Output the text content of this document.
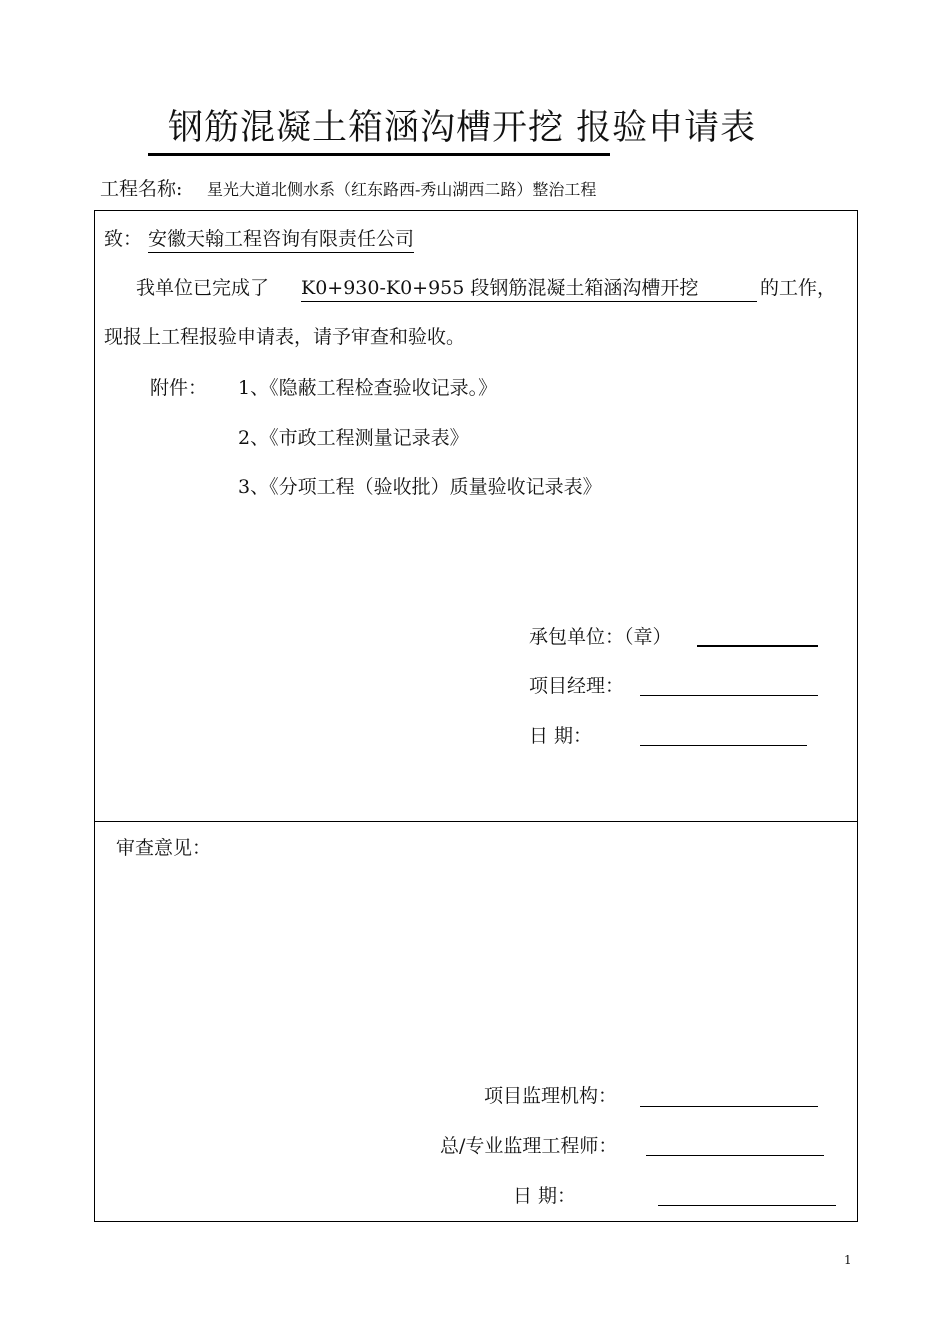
钢筋混凝土箱涵沟槽开挖 报验申请表
工程名称: 星光大道北侧水系（红东路西-秀山湖西二路）整治工程
致： 安徽天翰工程咨询有限责任公司
我单位已完成了 K0+930-K0+955 段钢筋混凝土箱涵沟槽开挖	的工作，
现报上工程报验申请表，请予审查和验收。
附件： 1、《隐蔽工程检查验收记录。》
2、《市政工程测量记录表》
3、《分项工程（验收批）质量验收记录表》
承包单位：（章）
项目经理：
日 期：
审查意见：
项目监理机构：
总/专业监理工程师：
日 期：
1
